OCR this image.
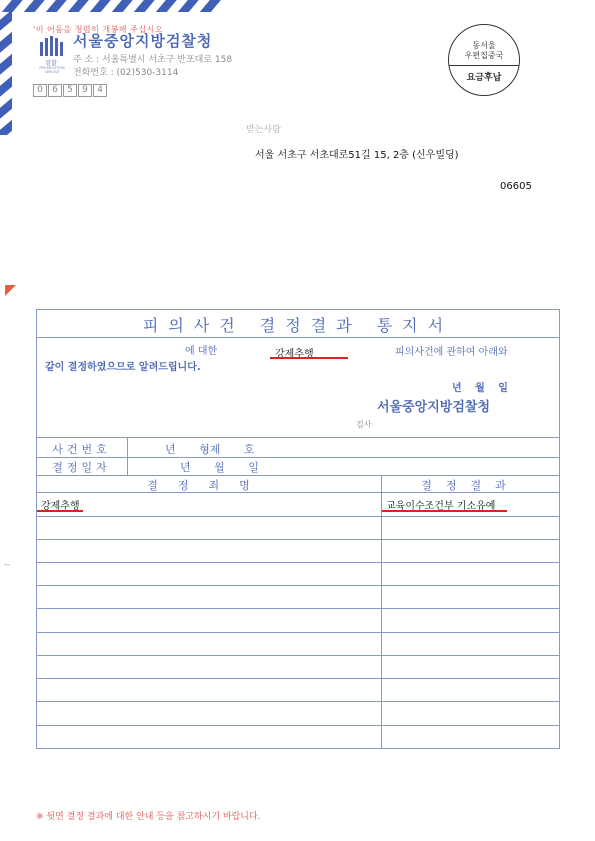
'이 어둠을 청렴히 개봉해 주십시오
검찰
PROSECUTION SERVICE
서울중앙지방검찰청
주 소 : 서울특별시 서초구 반포대로 158
전화번호 : (02)530-3114
0 6 5 9 4
동서울
우편집중국
요금후납
받는사람
서울 서초구 서초대로51길 15, 2층 (신우빌딩)
06605
--
피의사건 결정결과 통지서
에 대한	강제추행	피의사건에 관하여 아래와
같이 결정하였으므로 알려드립니다.
년 월 일
서울중앙지방검찰청
검사
사건번호	년 형제 호
결정일자	년 월 일
결정죄명	결정결과
강제추행	교육이수조건부 기소유예
※ 뒷면 결정 결과에 대한 안내 등을 참고하시기 바랍니다.
